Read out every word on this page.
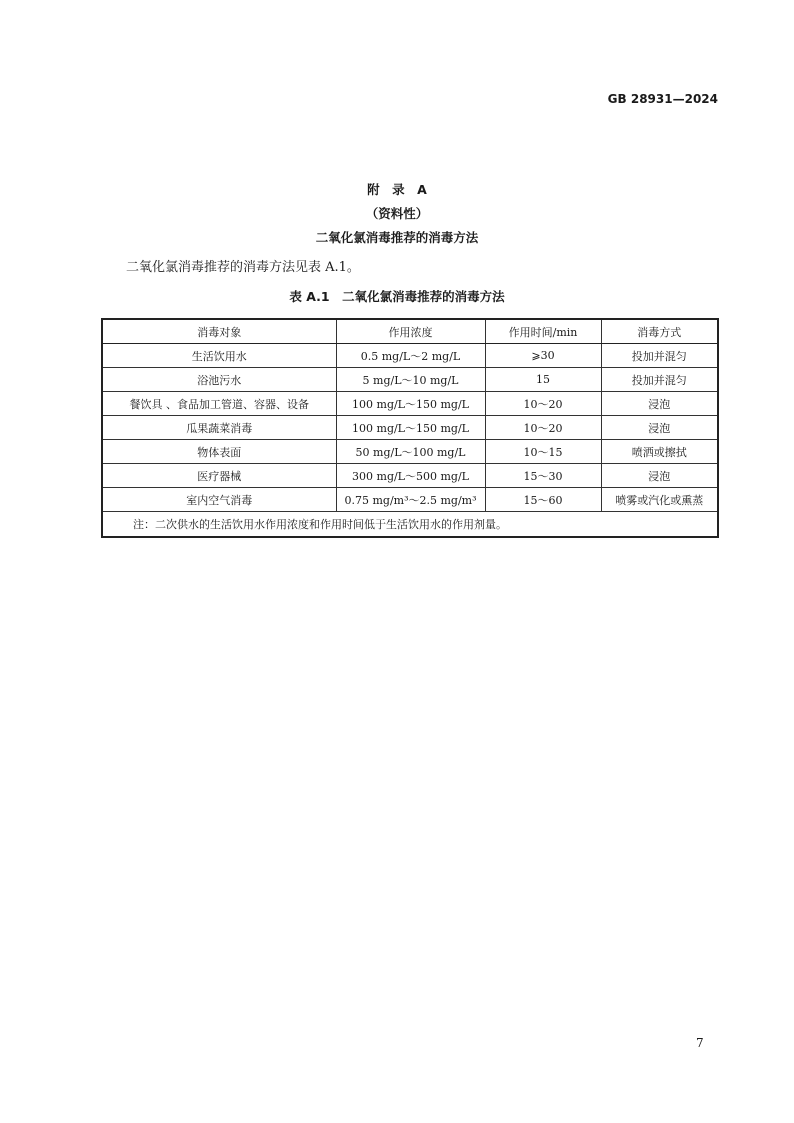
GB 28931—2024
附　录　A
（资料性）
二氧化氯消毒推荐的消毒方法
二氧化氯消毒推荐的消毒方法见表 A.1。
表 A.1　二氧化氯消毒推荐的消毒方法
消毒对象	作用浓度	作用时间/min	消毒方式
生活饮用水	0.5 mg/L～2 mg/L	⩾30	投加并混匀
浴池污水	5 mg/L～10 mg/L	15	投加并混匀
餐饮具 、食品加工管道、容器、设备	100 mg/L～150 mg/L	10～20	浸泡
瓜果蔬菜消毒	100 mg/L～150 mg/L	10～20	浸泡
物体表面	50 mg/L～100 mg/L	10～15	喷洒或擦拭
医疗器械	300 mg/L～500 mg/L	15～30	浸泡
室内空气消毒	0.75 mg/m³～2.5 mg/m³	15～60	喷雾或汽化或熏蒸
注：二次供水的生活饮用水作用浓度和作用时间低于生活饮用水的作用剂量。			
7
